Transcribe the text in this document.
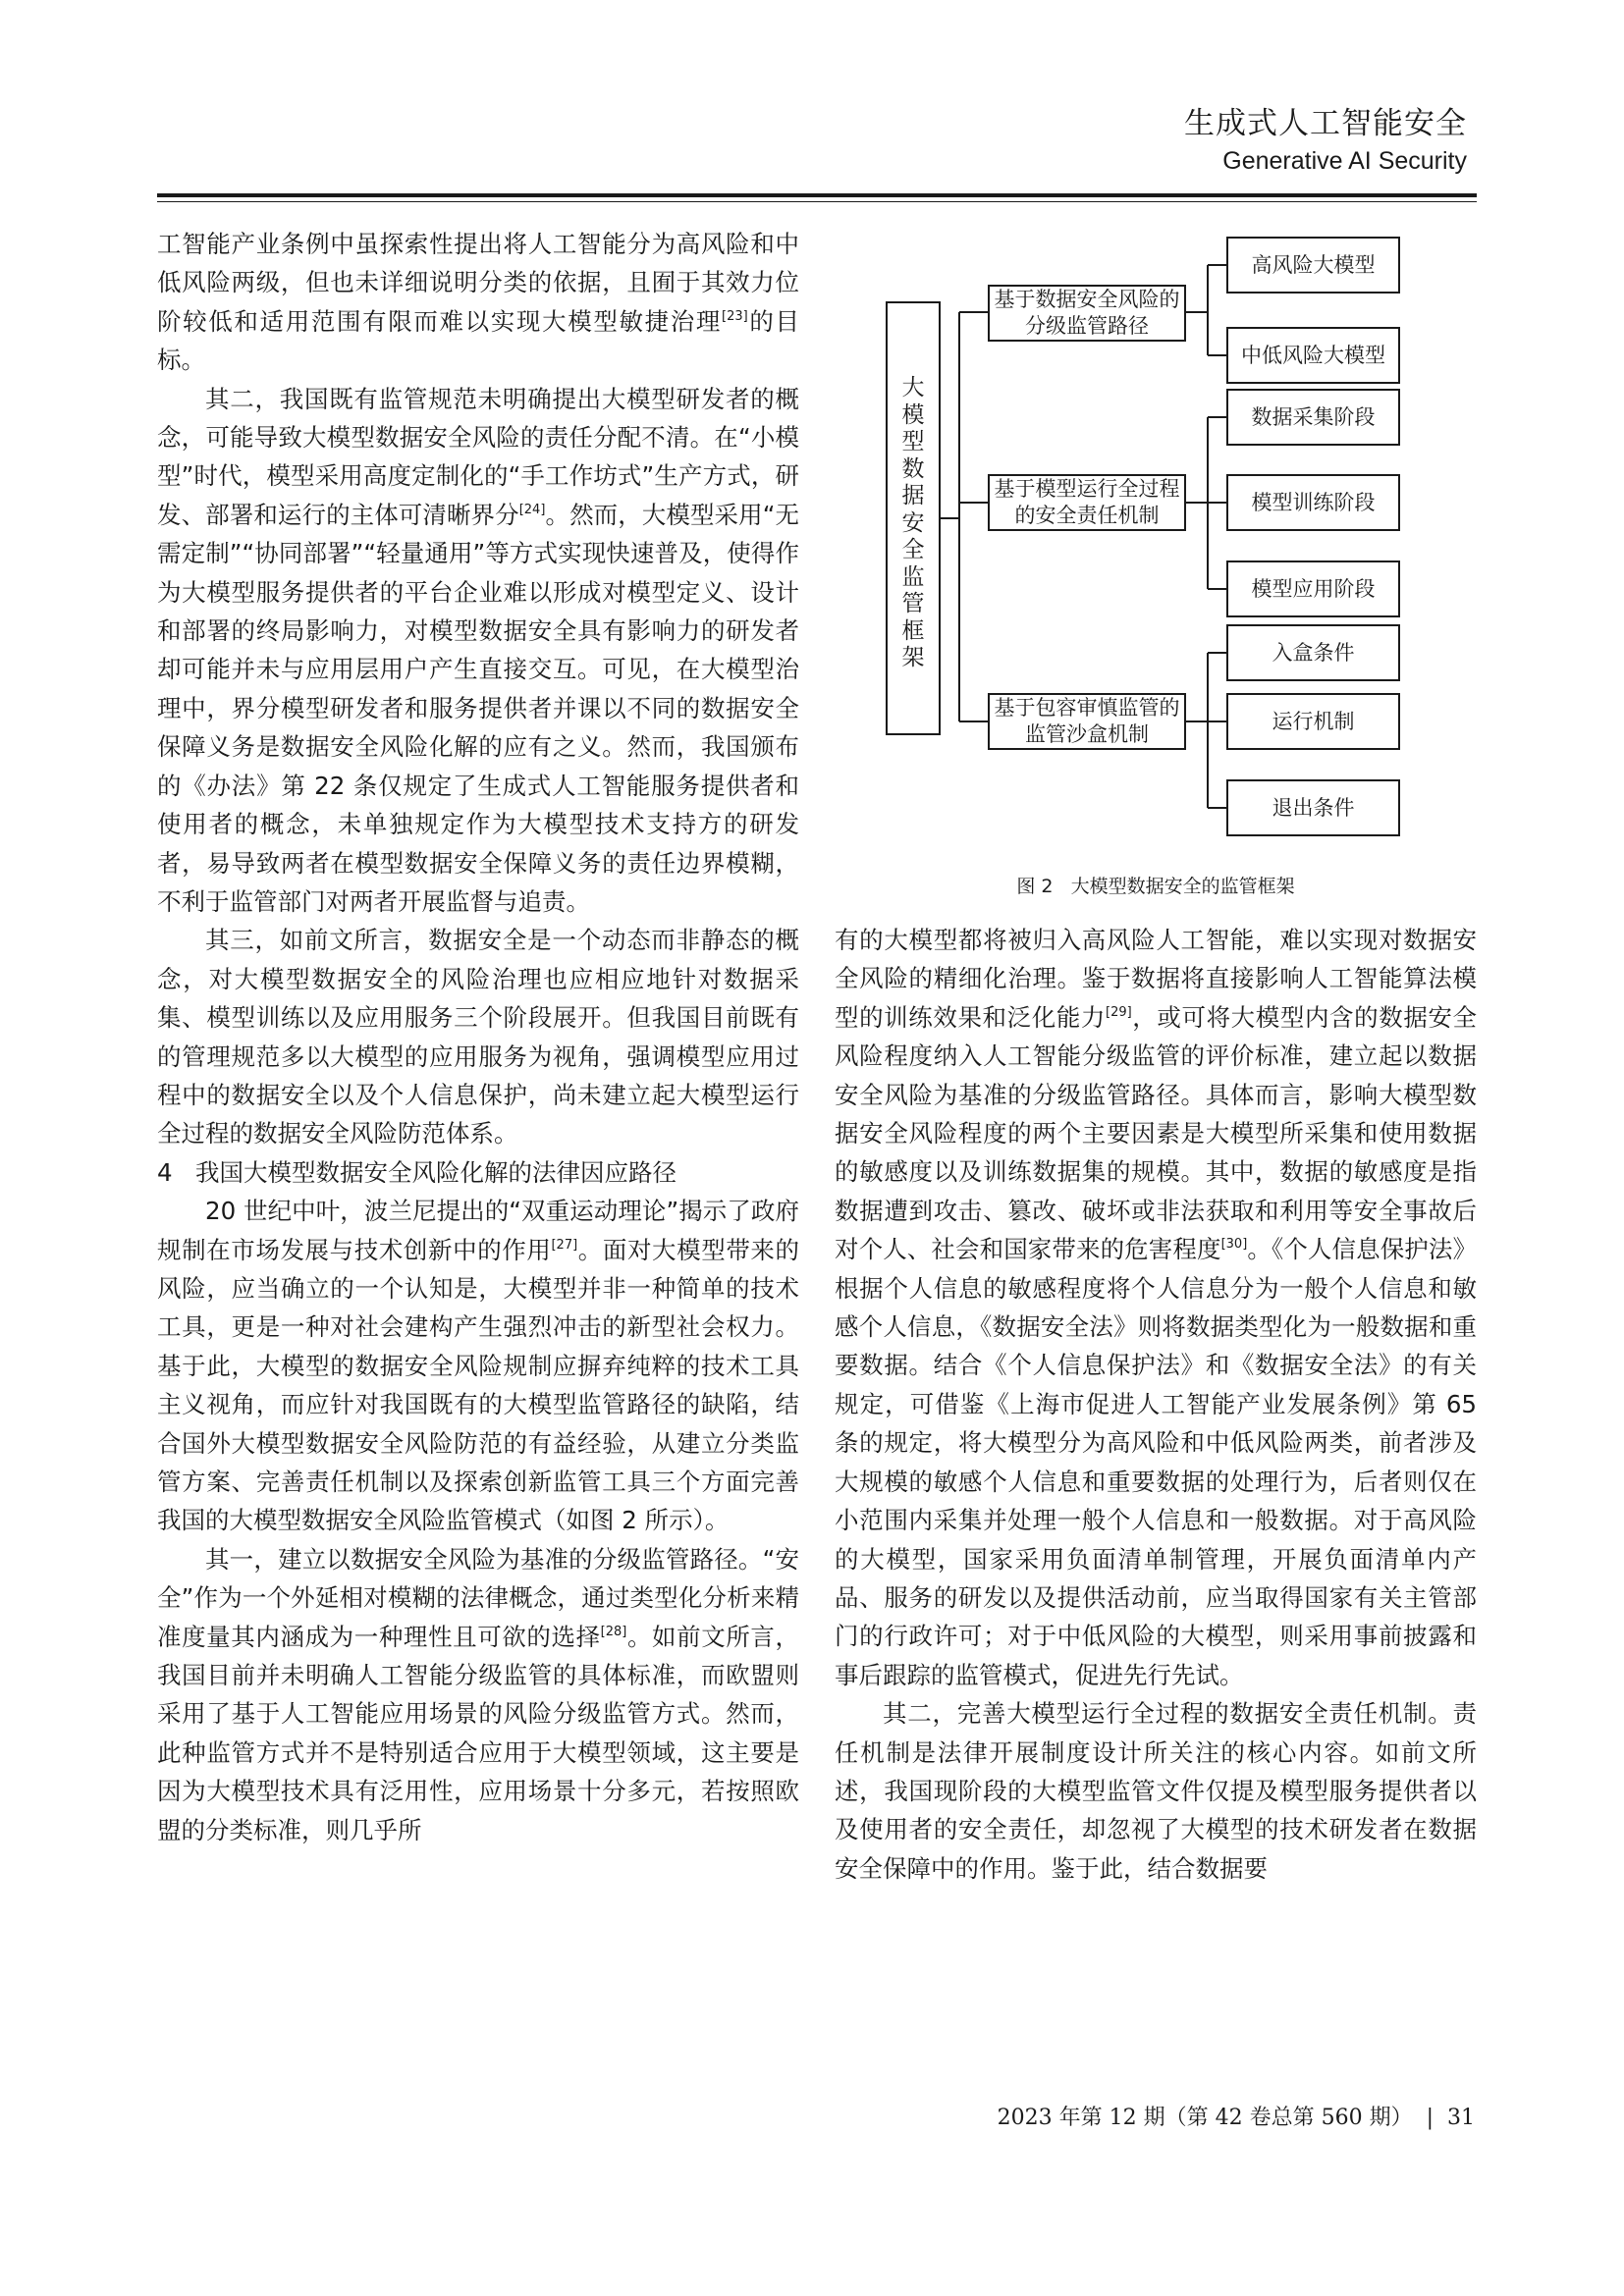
生成式人工智能安全
Generative AI Security

工智能产业条例中虽探索性提出将人工智能分为高风险和中低风险两级，但也未详细说明分类的依据，且囿于其效力位阶较低和适用范围有限而难以实现大模型敏捷治理[23]的目标。

其二，我国既有监管规范未明确提出大模型研发者的概念，可能导致大模型数据安全风险的责任分配不清。在“小模型”时代，模型采用高度定制化的“手工作坊式”生产方式，研发、部署和运行的主体可清晰界分[24]。然而，大模型采用“无需定制”“协同部署”“轻量通用”等方式实现快速普及，使得作为大模型服务提供者的平台企业难以形成对模型定义、设计和部署的终局影响力，对模型数据安全具有影响力的研发者却可能并未与应用层用户产生直接交互。可见，在大模型治理中，界分模型研发者和服务提供者并课以不同的数据安全保障义务是数据安全风险化解的应有之义。然而，我国颁布的《办法》第 22 条仅规定了生成式人工智能服务提供者和使用者的概念，未单独规定作为大模型技术支持方的研发者，易导致两者在模型数据安全保障义务的责任边界模糊，不利于监管部门对两者开展监督与追责。

其三，如前文所言，数据安全是一个动态而非静态的概念，对大模型数据安全的风险治理也应相应地针对数据采集、模型训练以及应用服务三个阶段展开。但我国目前既有的管理规范多以大模型的应用服务为视角，强调模型应用过程中的数据安全以及个人信息保护，尚未建立起大模型运行全过程的数据安全风险防范体系。

4 我国大模型数据安全风险化解的法律因应路径

20 世纪中叶，波兰尼提出的“双重运动理论”揭示了政府规制在市场发展与技术创新中的作用[27]。面对大模型带来的风险，应当确立的一个认知是，大模型并非一种简单的技术工具，更是一种对社会建构产生强烈冲击的新型社会权力。基于此，大模型的数据安全风险规制应摒弃纯粹的技术工具主义视角，而应针对我国既有的大模型监管路径的缺陷，结合国外大模型数据安全风险防范的有益经验，从建立分类监管方案、完善责任机制以及探索创新监管工具三个方面完善我国的大模型数据安全风险监管模式（如图 2 所示）。

其一，建立以数据安全风险为基准的分级监管路径。“安全”作为一个外延相对模糊的法律概念，通过类型化分析来精准度量其内涵成为一种理性且可欲的选择[28]。如前文所言，我国目前并未明确人工智能分级监管的具体标准，而欧盟则采用了基于人工智能应用场景的风险分级监管方式。然而，此种监管方式并不是特别适合应用于大模型领域，这主要是因为大模型技术具有泛用性，应用场景十分多元，若按照欧盟的分类标准，则几乎所

大模型数据安全监管框架
基于数据安全风险的分级监管路径
基于模型运行全过程的安全责任机制
基于包容审慎监管的监管沙盒机制
高风险大模型
中低风险大模型
数据采集阶段
模型训练阶段
模型应用阶段
入盒条件
运行机制
退出条件
图 2 大模型数据安全的监管框架

有的大模型都将被归入高风险人工智能，难以实现对数据安全风险的精细化治理。鉴于数据将直接影响人工智能算法模型的训练效果和泛化能力[29]，或可将大模型内含的数据安全风险程度纳入人工智能分级监管的评价标准，建立起以数据安全风险为基准的分级监管路径。具体而言，影响大模型数据安全风险程度的两个主要因素是大模型所采集和使用数据的敏感度以及训练数据集的规模。其中，数据的敏感度是指数据遭到攻击、篡改、破坏或非法获取和利用等安全事故后对个人、社会和国家带来的危害程度[30]。《个人信息保护法》根据个人信息的敏感程度将个人信息分为一般个人信息和敏感个人信息，《数据安全法》则将数据类型化为一般数据和重要数据。结合《个人信息保护法》和《数据安全法》的有关规定，可借鉴《上海市促进人工智能产业发展条例》第 65 条的规定，将大模型分为高风险和中低风险两类，前者涉及大规模的敏感个人信息和重要数据的处理行为，后者则仅在小范围内采集并处理一般个人信息和一般数据。对于高风险的大模型，国家采用负面清单制管理，开展负面清单内产品、服务的研发以及提供活动前，应当取得国家有关主管部门的行政许可；对于中低风险的大模型，则采用事前披露和事后跟踪的监管模式，促进先行先试。

其二，完善大模型运行全过程的数据安全责任机制。责任机制是法律开展制度设计所关注的核心内容。如前文所述，我国现阶段的大模型监管文件仅提及模型服务提供者以及使用者的安全责任，却忽视了大模型的技术研发者在数据安全保障中的作用。鉴于此，结合数据要

2023 年第 12 期（第 42 卷总第 560 期） | 31
